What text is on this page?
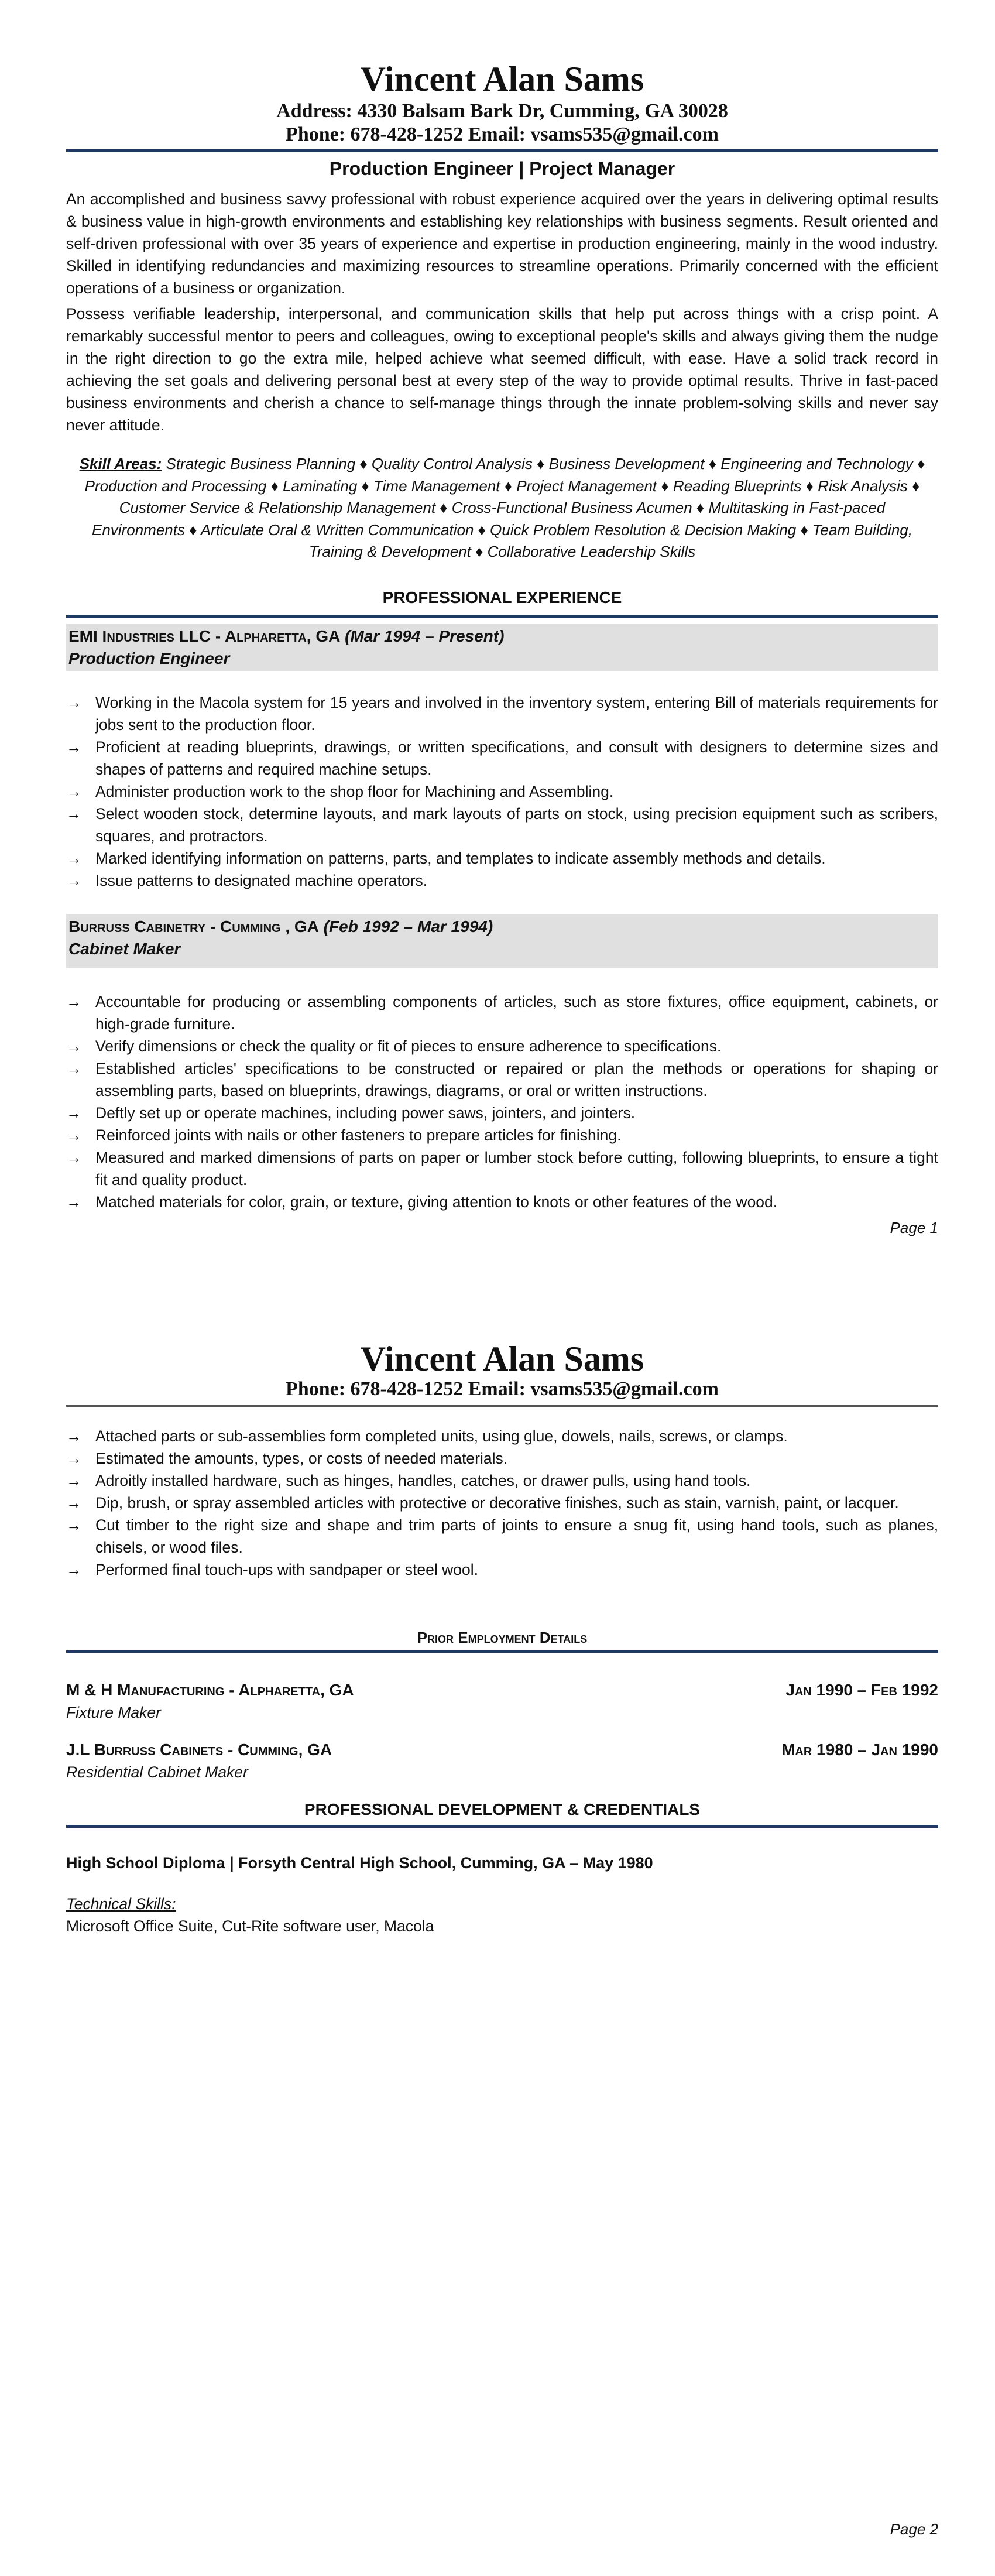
Vincent Alan Sams
Address: 4330 Balsam Bark Dr, Cumming, GA 30028
Phone: 678-428-1252 Email: vsams535@gmail.com
Production Engineer | Project Manager

An accomplished and business savvy professional with robust experience acquired over the years in delivering optimal results & business value in high-growth environments and establishing key relationships with business segments. Result oriented and self-driven professional with over 35 years of experience and expertise in production engineering, mainly in the wood industry. Skilled in identifying redundancies and maximizing resources to streamline operations. Primarily concerned with the efficient operations of a business or organization.

Possess verifiable leadership, interpersonal, and communication skills that help put across things with a crisp point. A remarkably successful mentor to peers and colleagues, owing to exceptional people's skills and always giving them the nudge in the right direction to go the extra mile, helped achieve what seemed difficult, with ease. Have a solid track record in achieving the set goals and delivering personal best at every step of the way to provide optimal results. Thrive in fast-paced business environments and cherish a chance to self-manage things through the innate problem-solving skills and never say never attitude.

Skill Areas: Strategic Business Planning ♦ Quality Control Analysis ♦ Business Development ♦ Engineering and Technology ♦ Production and Processing ♦ Laminating ♦ Time Management ♦ Project Management ♦ Reading Blueprints ♦ Risk Analysis ♦ Customer Service & Relationship Management ♦ Cross-Functional Business Acumen ♦ Multitasking in Fast-paced Environments ♦ Articulate Oral & Written Communication ♦ Quick Problem Resolution & Decision Making ♦ Team Building, Training & Development ♦ Collaborative Leadership Skills
PROFESSIONAL EXPERIENCE
EMI Industries LLC - Alpharetta, GA (Mar 1994 – Present)
Production Engineer
→ Working in the Macola system for 15 years and involved in the inventory system, entering Bill of materials requirements for jobs sent to the production floor.
→ Proficient at reading blueprints, drawings, or written specifications, and consult with designers to determine sizes and shapes of patterns and required machine setups.
→ Administer production work to the shop floor for Machining and Assembling.
→ Select wooden stock, determine layouts, and mark layouts of parts on stock, using precision equipment such as scribers, squares, and protractors.
→ Marked identifying information on patterns, parts, and templates to indicate assembly methods and details.
→ Issue patterns to designated machine operators.
Burruss Cabinetry - Cumming , GA (Feb 1992 – Mar 1994)
Cabinet Maker
→ Accountable for producing or assembling components of articles, such as store fixtures, office equipment, cabinets, or high-grade furniture.
→ Verify dimensions or check the quality or fit of pieces to ensure adherence to specifications.
→ Established articles' specifications to be constructed or repaired or plan the methods or operations for shaping or assembling parts, based on blueprints, drawings, diagrams, or oral or written instructions.
→ Deftly set up or operate machines, including power saws, jointers, and jointers.
→ Reinforced joints with nails or other fasteners to prepare articles for finishing.
→ Measured and marked dimensions of parts on paper or lumber stock before cutting, following blueprints, to ensure a tight fit and quality product.
→ Matched materials for color, grain, or texture, giving attention to knots or other features of the wood.
Page 1
Vincent Alan Sams
Phone: 678-428-1252 Email: vsams535@gmail.com
→ Attached parts or sub-assemblies form completed units, using glue, dowels, nails, screws, or clamps.
→ Estimated the amounts, types, or costs of needed materials.
→ Adroitly installed hardware, such as hinges, handles, catches, or drawer pulls, using hand tools.
→ Dip, brush, or spray assembled articles with protective or decorative finishes, such as stain, varnish, paint, or lacquer.
→ Cut timber to the right size and shape and trim parts of joints to ensure a snug fit, using hand tools, such as planes, chisels, or wood files.
→ Performed final touch-ups with sandpaper or steel wool.
Prior Employment Details
M & H Manufacturing - Alpharetta, GA	Jan 1990 – Feb 1992
Fixture Maker
J.L Burruss Cabinets - Cumming, GA	Mar 1980 – Jan 1990
Residential Cabinet Maker
PROFESSIONAL DEVELOPMENT & CREDENTIALS
High School Diploma | Forsyth Central High School, Cumming, GA – May 1980
Technical Skills:
Microsoft Office Suite, Cut-Rite software user, Macola
Page 2
